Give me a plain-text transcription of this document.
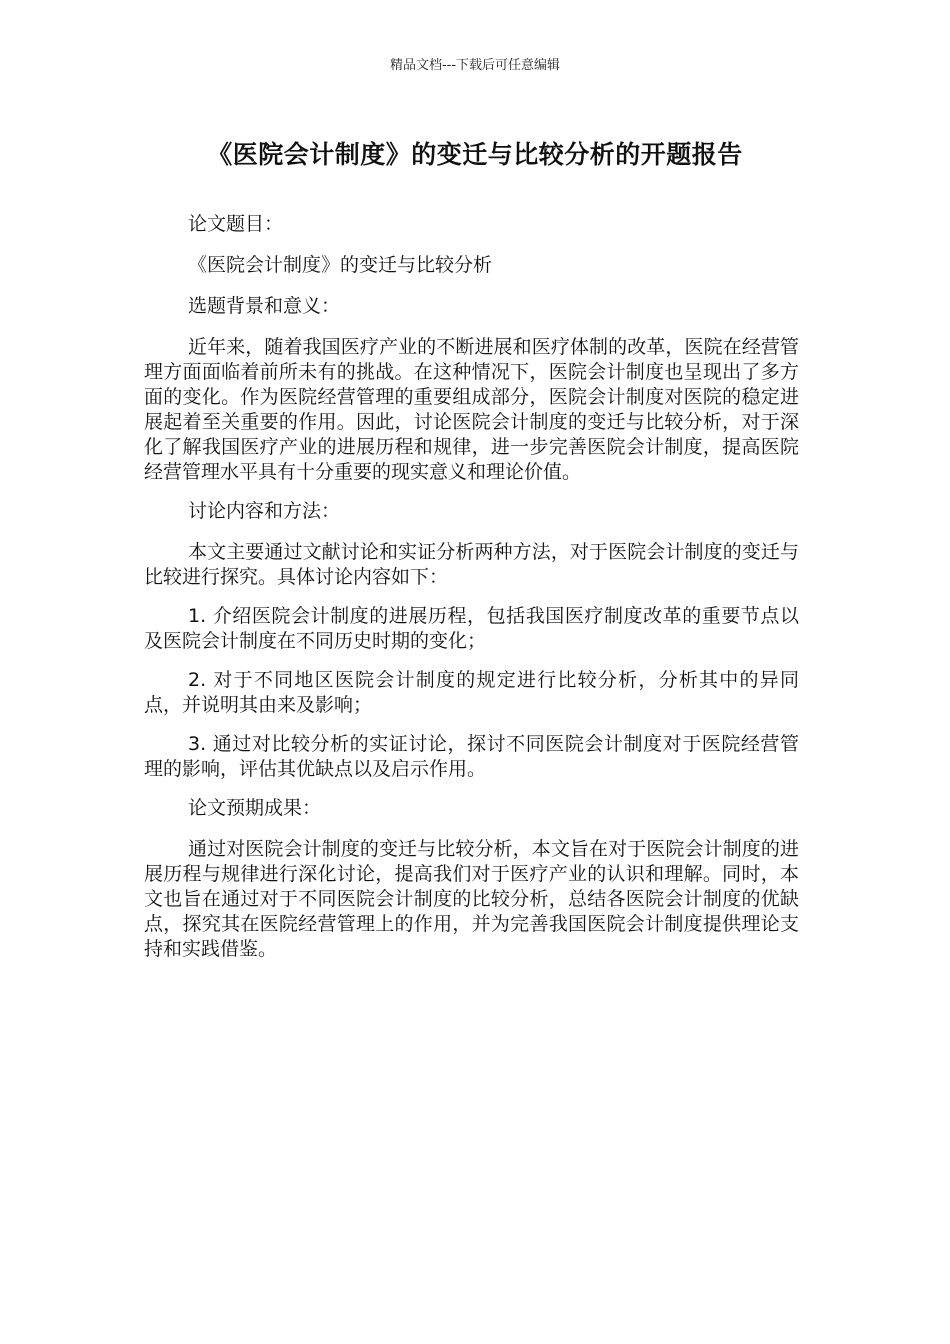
精品文档---下载后可任意编辑
《医院会计制度》的变迁与比较分析的开题报告

论文题目：

《医院会计制度》的变迁与比较分析

选题背景和意义：

近年来，随着我国医疗产业的不断进展和医疗体制的改革，医院在经营管理方面面临着前所未有的挑战。在这种情况下，医院会计制度也呈现出了多方面的变化。作为医院经营管理的重要组成部分，医院会计制度对医院的稳定进展起着至关重要的作用。因此，讨论医院会计制度的变迁与比较分析，对于深化了解我国医疗产业的进展历程和规律，进一步完善医院会计制度，提高医院经营管理水平具有十分重要的现实意义和理论价值。

讨论内容和方法：

本文主要通过文献讨论和实证分析两种方法，对于医院会计制度的变迁与比较进行探究。具体讨论内容如下：

1. 介绍医院会计制度的进展历程，包括我国医疗制度改革的重要节点以及医院会计制度在不同历史时期的变化；

2. 对于不同地区医院会计制度的规定进行比较分析，分析其中的异同点，并说明其由来及影响；

3. 通过对比较分析的实证讨论，探讨不同医院会计制度对于医院经营管理的影响，评估其优缺点以及启示作用。

论文预期成果：

通过对医院会计制度的变迁与比较分析，本文旨在对于医院会计制度的进展历程与规律进行深化讨论，提高我们对于医疗产业的认识和理解。同时，本文也旨在通过对于不同医院会计制度的比较分析，总结各医院会计制度的优缺点，探究其在医院经营管理上的作用，并为完善我国医院会计制度提供理论支持和实践借鉴。
